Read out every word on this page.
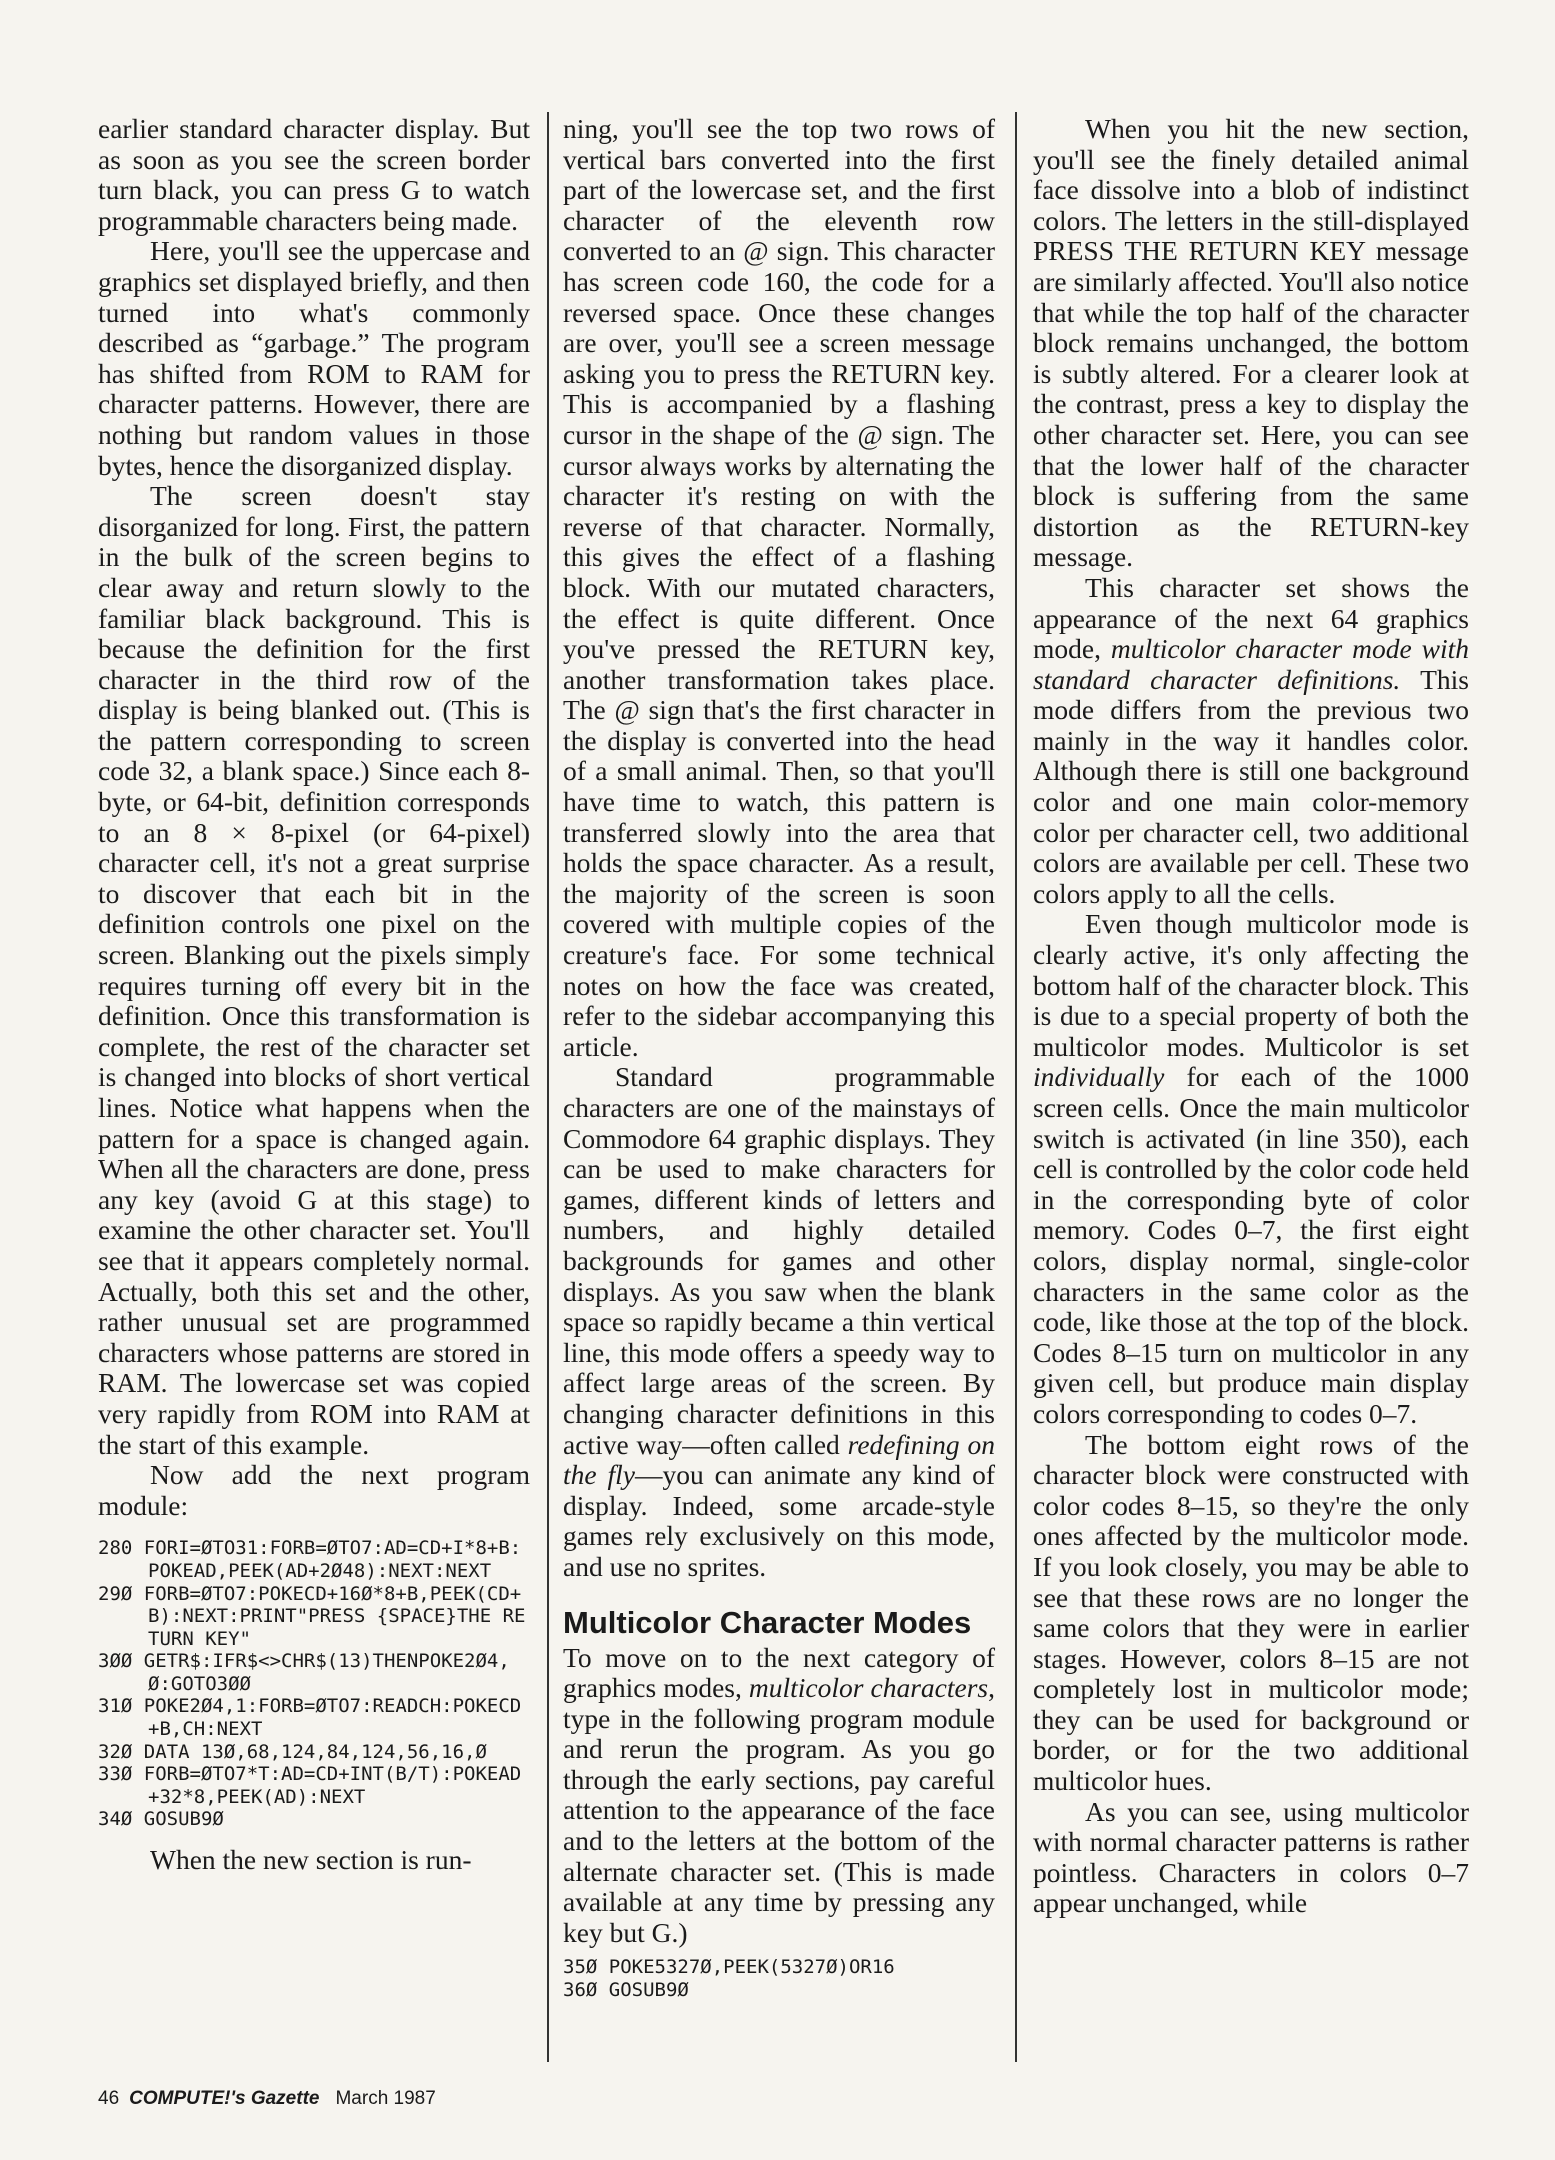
earlier standard character display. But as soon as you see the screen border turn black, you can press G to watch programmable characters being made.

Here, you'll see the uppercase and graphics set displayed briefly, and then turned into what's commonly described as “garbage.” The program has shifted from ROM to RAM for character patterns. However, there are nothing but random values in those bytes, hence the disorganized display.

The screen doesn't stay disorganized for long. First, the pattern in the bulk of the screen begins to clear away and return slowly to the familiar black background. This is because the definition for the first character in the third row of the display is being blanked out. (This is the pattern corresponding to screen code 32, a blank space.) Since each 8-byte, or 64-bit, definition corresponds to an 8 × 8-pixel (or 64-pixel) character cell, it's not a great surprise to discover that each bit in the definition controls one pixel on the screen. Blanking out the pixels simply requires turning off every bit in the definition. Once this transformation is complete, the rest of the character set is changed into blocks of short vertical lines. Notice what happens when the pattern for a space is changed again. When all the characters are done, press any key (avoid G at this stage) to examine the other character set. You'll see that it appears completely normal. Actually, both this set and the other, rather unusual set are programmed characters whose patterns are stored in RAM. The lowercase set was copied very rapidly from ROM into RAM at the start of this example.

Now add the next program module:

280 FORI=ØTO31:FORB=ØTO7:AD=CD+I*8+B:POKEAD,PEEK(AD+2Ø48):NEXT:NEXT
29Ø FORB=ØTO7:POKECD+16Ø*8+B,PEEK(CD+B):NEXT:PRINT"PRESS {SPACE}THE RETURN KEY"
3ØØ GETR$:IFR$<>CHR$(13)THENPOKE2Ø4,Ø:GOTO3ØØ
31Ø POKE2Ø4,1:FORB=ØTO7:READCH:POKECD+B,CH:NEXT
32Ø DATA 13Ø,68,124,84,124,56,16,Ø
33Ø FORB=ØTO7*T:AD=CD+INT(B/T):POKEAD+32*8,PEEK(AD):NEXT
34Ø GOSUB9Ø

When the new section is run-

ning, you'll see the top two rows of vertical bars converted into the first part of the lowercase set, and the first character of the eleventh row converted to an @ sign. This character has screen code 160, the code for a reversed space. Once these changes are over, you'll see a screen message asking you to press the RETURN key. This is accompanied by a flashing cursor in the shape of the @ sign. The cursor always works by alternating the character it's resting on with the reverse of that character. Normally, this gives the effect of a flashing block. With our mutated characters, the effect is quite different. Once you've pressed the RETURN key, another transformation takes place. The @ sign that's the first character in the display is converted into the head of a small animal. Then, so that you'll have time to watch, this pattern is transferred slowly into the area that holds the space character. As a result, the majority of the screen is soon covered with multiple copies of the creature's face. For some technical notes on how the face was created, refer to the sidebar accompanying this article.

Standard programmable characters are one of the mainstays of Commodore 64 graphic displays. They can be used to make characters for games, different kinds of letters and numbers, and highly detailed backgrounds for games and other displays. As you saw when the blank space so rapidly became a thin vertical line, this mode offers a speedy way to affect large areas of the screen. By changing character definitions in this active way—often called redefining on the fly—you can animate any kind of display. Indeed, some arcade-style games rely exclusively on this mode, and use no sprites.

Multicolor Character Modes

To move on to the next category of graphics modes, multicolor characters, type in the following program module and rerun the program. As you go through the early sections, pay careful attention to the appearance of the face and to the letters at the bottom of the alternate character set. (This is made available at any time by pressing any key but G.)

35Ø POKE5327Ø,PEEK(5327Ø)OR16
36Ø GOSUB9Ø

When you hit the new section, you'll see the finely detailed animal face dissolve into a blob of indistinct colors. The letters in the still-displayed PRESS THE RETURN KEY message are similarly affected. You'll also notice that while the top half of the character block remains unchanged, the bottom is subtly altered. For a clearer look at the contrast, press a key to display the other character set. Here, you can see that the lower half of the character block is suffering from the same distortion as the RETURN-key message.

This character set shows the appearance of the next 64 graphics mode, multicolor character mode with standard character definitions. This mode differs from the previous two mainly in the way it handles color. Although there is still one background color and one main color-memory color per character cell, two additional colors are available per cell. These two colors apply to all the cells.

Even though multicolor mode is clearly active, it's only affecting the bottom half of the character block. This is due to a special property of both the multicolor modes. Multicolor is set individually for each of the 1000 screen cells. Once the main multicolor switch is activated (in line 350), each cell is controlled by the color code held in the corresponding byte of color memory. Codes 0–7, the first eight colors, display normal, single-color characters in the same color as the code, like those at the top of the block. Codes 8–15 turn on multicolor in any given cell, but produce main display colors corresponding to codes 0–7.

The bottom eight rows of the character block were constructed with color codes 8–15, so they're the only ones affected by the multicolor mode. If you look closely, you may be able to see that these rows are no longer the same colors that they were in earlier stages. However, colors 8–15 are not completely lost in multicolor mode; they can be used for background or border, or for the two additional multicolor hues.

As you can see, using multicolor with normal character patterns is rather pointless. Characters in colors 0–7 appear unchanged, while

46 COMPUTE!'s Gazette March 1987
